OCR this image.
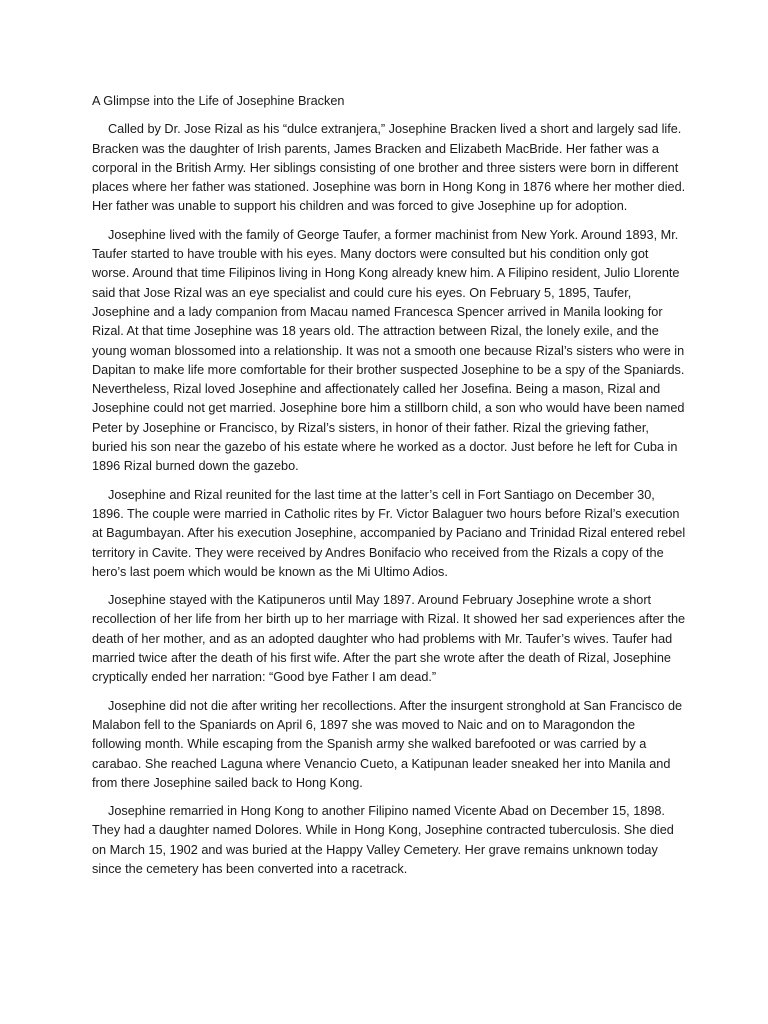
A Glimpse into the Life of Josephine Bracken

Called by Dr. Jose Rizal as his “dulce extranjera,” Josephine Bracken lived a short and largely sad life. Bracken was the daughter of Irish parents, James Bracken and Elizabeth MacBride. Her father was a corporal in the British Army. Her siblings consisting of one brother and three sisters were born in different places where her father was stationed. Josephine was born in Hong Kong in 1876 where her mother died. Her father was unable to support his children and was forced to give Josephine up for adoption.

Josephine lived with the family of George Taufer, a former machinist from New York. Around 1893, Mr. Taufer started to have trouble with his eyes. Many doctors were consulted but his condition only got worse. Around that time Filipinos living in Hong Kong already knew him. A Filipino resident, Julio Llorente said that Jose Rizal was an eye specialist and could cure his eyes. On February 5, 1895, Taufer, Josephine and a lady companion from Macau named Francesca Spencer arrived in Manila looking for Rizal. At that time Josephine was 18 years old. The attraction between Rizal, the lonely exile, and the young woman blossomed into a relationship. It was not a smooth one because Rizal’s sisters who were in Dapitan to make life more comfortable for their brother suspected Josephine to be a spy of the Spaniards. Nevertheless, Rizal loved Josephine and affectionately called her Josefina. Being a mason, Rizal and Josephine could not get married. Josephine bore him a stillborn child, a son who would have been named Peter by Josephine or Francisco, by Rizal’s sisters, in honor of their father. Rizal the grieving father, buried his son near the gazebo of his estate where he worked as a doctor. Just before he left for Cuba in 1896 Rizal burned down the gazebo.

Josephine and Rizal reunited for the last time at the latter’s cell in Fort Santiago on December 30, 1896. The couple were married in Catholic rites by Fr. Victor Balaguer two hours before Rizal’s execution at Bagumbayan. After his execution Josephine, accompanied by Paciano and Trinidad Rizal entered rebel territory in Cavite. They were received by Andres Bonifacio who received from the Rizals a copy of the hero’s last poem which would be known as the Mi Ultimo Adios.

Josephine stayed with the Katipuneros until May 1897. Around February Josephine wrote a short recollection of her life from her birth up to her marriage with Rizal. It showed her sad experiences after the death of her mother, and as an adopted daughter who had problems with Mr. Taufer’s wives. Taufer had married twice after the death of his first wife. After the part she wrote after the death of Rizal, Josephine cryptically ended her narration: “Good bye Father I am dead.”

Josephine did not die after writing her recollections. After the insurgent stronghold at San Francisco de Malabon fell to the Spaniards on April 6, 1897 she was moved to Naic and on to Maragondon the following month. While escaping from the Spanish army she walked barefooted or was carried by a carabao. She reached Laguna where Venancio Cueto, a Katipunan leader sneaked her into Manila and from there Josephine sailed back to Hong Kong.

Josephine remarried in Hong Kong to another Filipino named Vicente Abad on December 15, 1898. They had a daughter named Dolores. While in Hong Kong, Josephine contracted tuberculosis. She died on March 15, 1902 and was buried at the Happy Valley Cemetery. Her grave remains unknown today since the cemetery has been converted into a racetrack.
